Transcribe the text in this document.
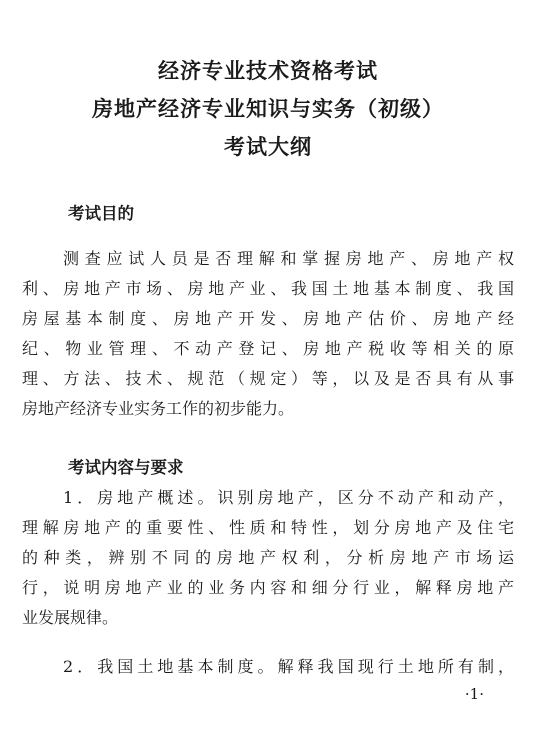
经济专业技术资格考试
房地产经济专业知识与实务（初级）
考试大纲
考试目的
测查应试人员是否理解和掌握房地产、房地产权
利、房地产市场、房地产业、我国土地基本制度、我国
房屋基本制度、房地产开发、房地产估价、房地产经
纪、物业管理、不动产登记、房地产税收等相关的原
理、方法、技术、规范（规定）等，以及是否具有从事
房地产经济专业实务工作的初步能力。
考试内容与要求
1．房地产概述。识别房地产，区分不动产和动产，
理解房地产的重要性、性质和特性，划分房地产及住宅
的种类，辨别不同的房地产权利，分析房地产市场运
行，说明房地产业的业务内容和细分行业，解释房地产
业发展规律。
2．我国土地基本制度。解释我国现行土地所有制，
·1·
